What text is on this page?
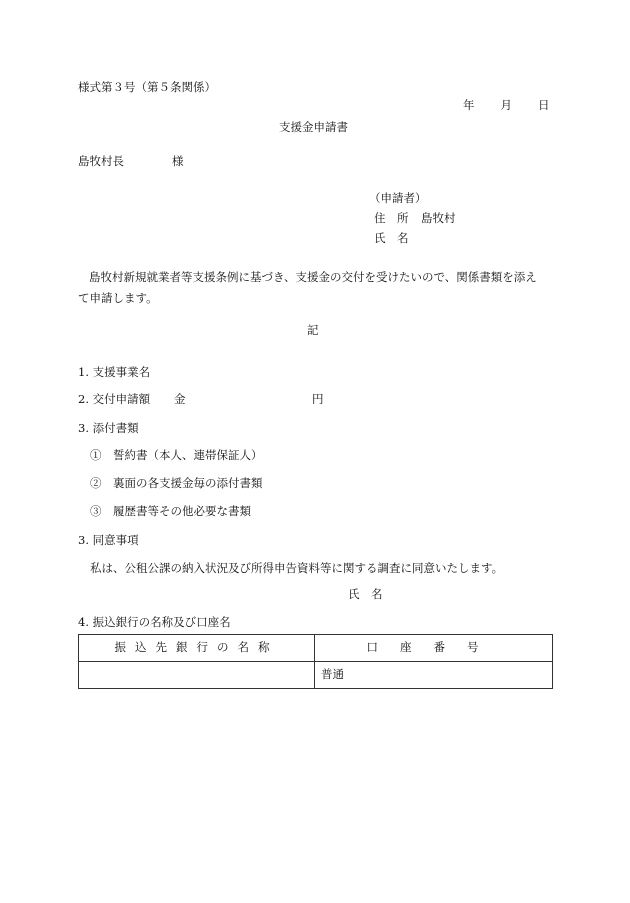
様式第３号（第５条関係）
年 月 日
支援金申請書
島牧村長	様
（申請者）
住　所 島牧村
氏　名
島牧村新規就業者等支援条例に基づき、支援金の交付を受けたいので、関係書類を添えて申請します。
記
1. 支援事業名
2. 交付申請額 金	円
3. 添付書類
①　誓約書（本人、連帯保証人）
②　裏面の各支援金毎の添付書類
③　履歴書等その他必要な書類
3. 同意事項
私は、公租公課の納入状況及び所得申告資料等に関する調査に同意いたします。
氏　名
4. 振込銀行の名称及び口座名
振込先銀行の名称	口座番号
	普通
